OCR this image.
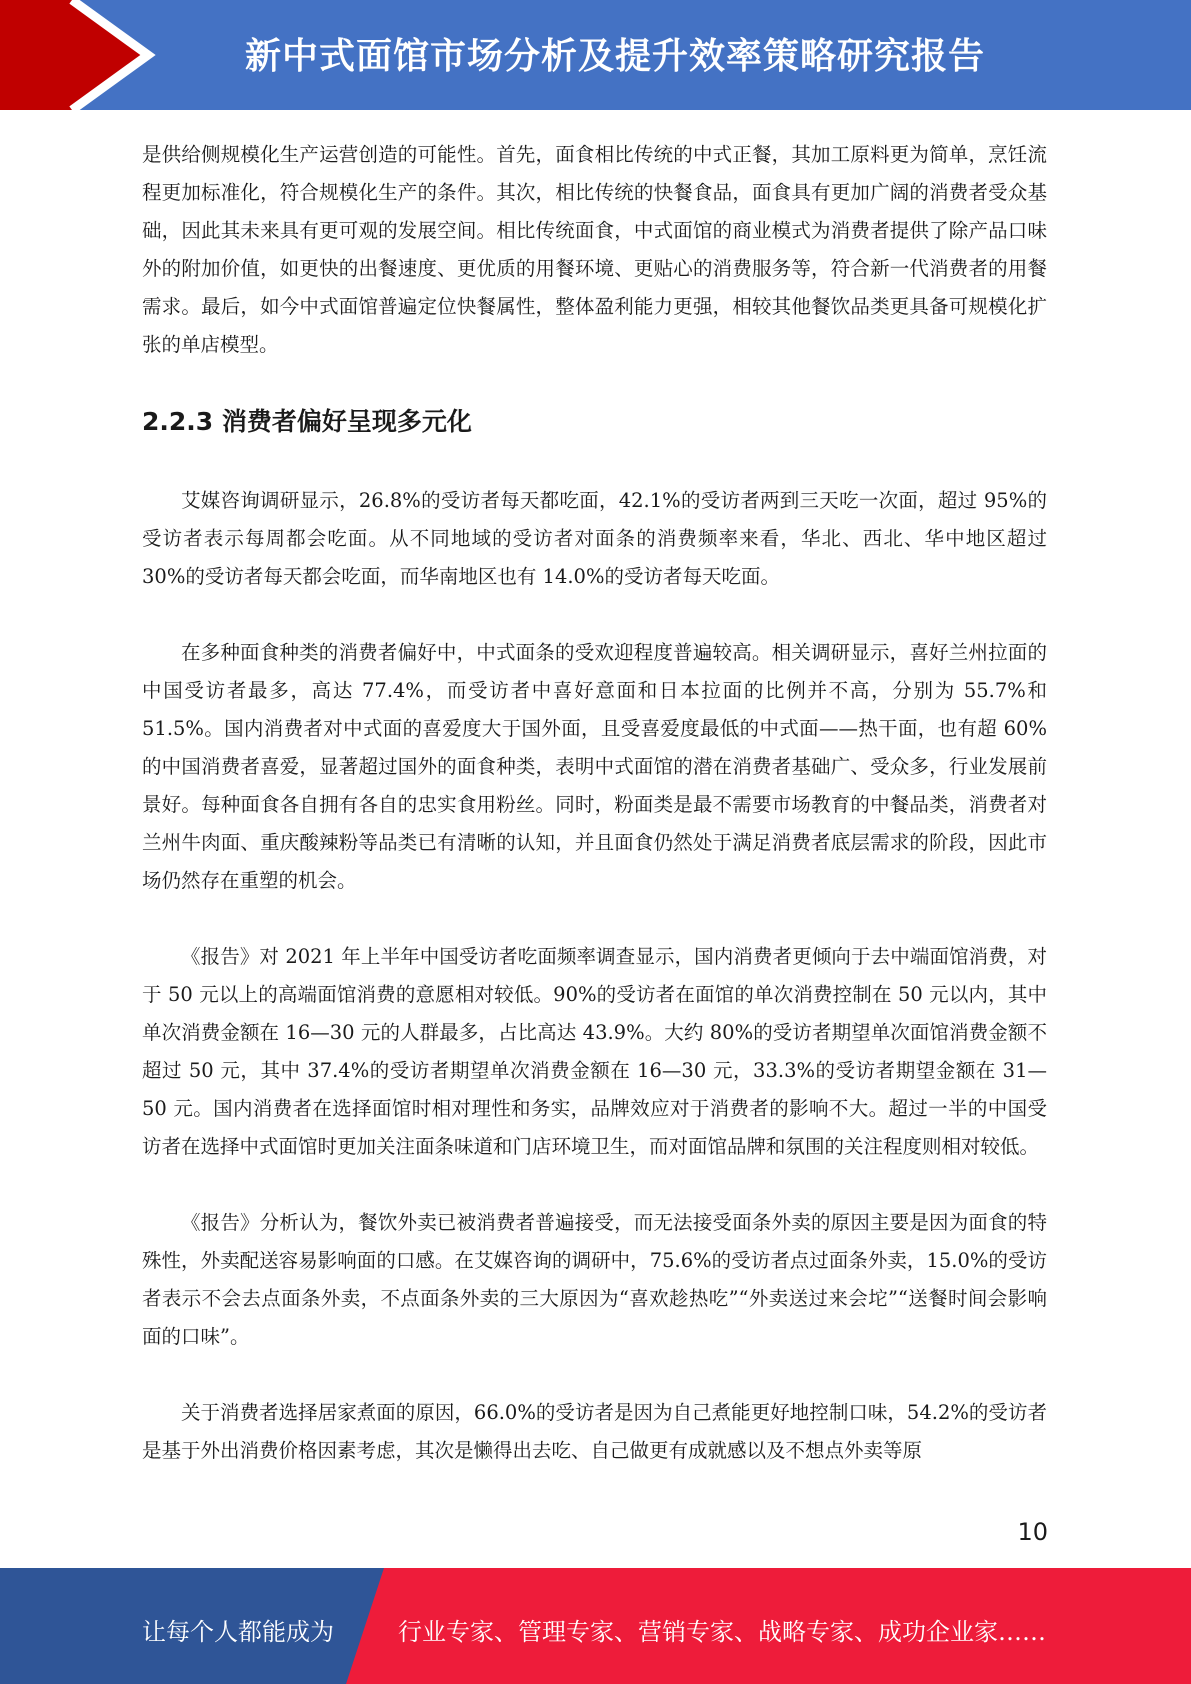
新中式面馆市场分析及提升效率策略研究报告

是供给侧规模化生产运营创造的可能性。首先，面食相比传统的中式正餐，其加工原料更为简单，烹饪流程更加标准化，符合规模化生产的条件。其次，相比传统的快餐食品，面食具有更加广阔的消费者受众基础，因此其未来具有更可观的发展空间。相比传统面食，中式面馆的商业模式为消费者提供了除产品口味外的附加价值，如更快的出餐速度、更优质的用餐环境、更贴心的消费服务等，符合新一代消费者的用餐需求。最后，如今中式面馆普遍定位快餐属性，整体盈利能力更强，相较其他餐饮品类更具备可规模化扩张的单店模型。

2.2.3 消费者偏好呈现多元化

艾媒咨询调研显示，26.8%的受访者每天都吃面，42.1%的受访者两到三天吃一次面，超过 95%的受访者表示每周都会吃面。从不同地域的受访者对面条的消费频率来看，华北、西北、华中地区超过 30%的受访者每天都会吃面，而华南地区也有 14.0%的受访者每天吃面。

在多种面食种类的消费者偏好中，中式面条的受欢迎程度普遍较高。相关调研显示，喜好兰州拉面的中国受访者最多，高达 77.4%，而受访者中喜好意面和日本拉面的比例并不高，分别为 55.7%和 51.5%。国内消费者对中式面的喜爱度大于国外面，且受喜爱度最低的中式面——热干面，也有超 60%的中国消费者喜爱，显著超过国外的面食种类，表明中式面馆的潜在消费者基础广、受众多，行业发展前景好。每种面食各自拥有各自的忠实食用粉丝。同时，粉面类是最不需要市场教育的中餐品类，消费者对兰州牛肉面、重庆酸辣粉等品类已有清晰的认知，并且面食仍然处于满足消费者底层需求的阶段，因此市场仍然存在重塑的机会。

《报告》对 2021 年上半年中国受访者吃面频率调查显示，国内消费者更倾向于去中端面馆消费，对于 50 元以上的高端面馆消费的意愿相对较低。90%的受访者在面馆的单次消费控制在 50 元以内，其中单次消费金额在 16—30 元的人群最多，占比高达 43.9%。大约 80%的受访者期望单次面馆消费金额不超过 50 元，其中 37.4%的受访者期望单次消费金额在 16—30 元，33.3%的受访者期望金额在 31—50 元。国内消费者在选择面馆时相对理性和务实，品牌效应对于消费者的影响不大。超过一半的中国受访者在选择中式面馆时更加关注面条味道和门店环境卫生，而对面馆品牌和氛围的关注程度则相对较低。

《报告》分析认为，餐饮外卖已被消费者普遍接受，而无法接受面条外卖的原因主要是因为面食的特殊性，外卖配送容易影响面的口感。在艾媒咨询的调研中，75.6%的受访者点过面条外卖，15.0%的受访者表示不会去点面条外卖，不点面条外卖的三大原因为“喜欢趁热吃”“外卖送过来会坨”“送餐时间会影响面的口味”。

关于消费者选择居家煮面的原因，66.0%的受访者是因为自己煮能更好地控制口味，54.2%的受访者是基于外出消费价格因素考虑，其次是懒得出去吃、自己做更有成就感以及不想点外卖等原

10
让每个人都能成为	行业专家、管理专家、营销专家、战略专家、成功企业家……
